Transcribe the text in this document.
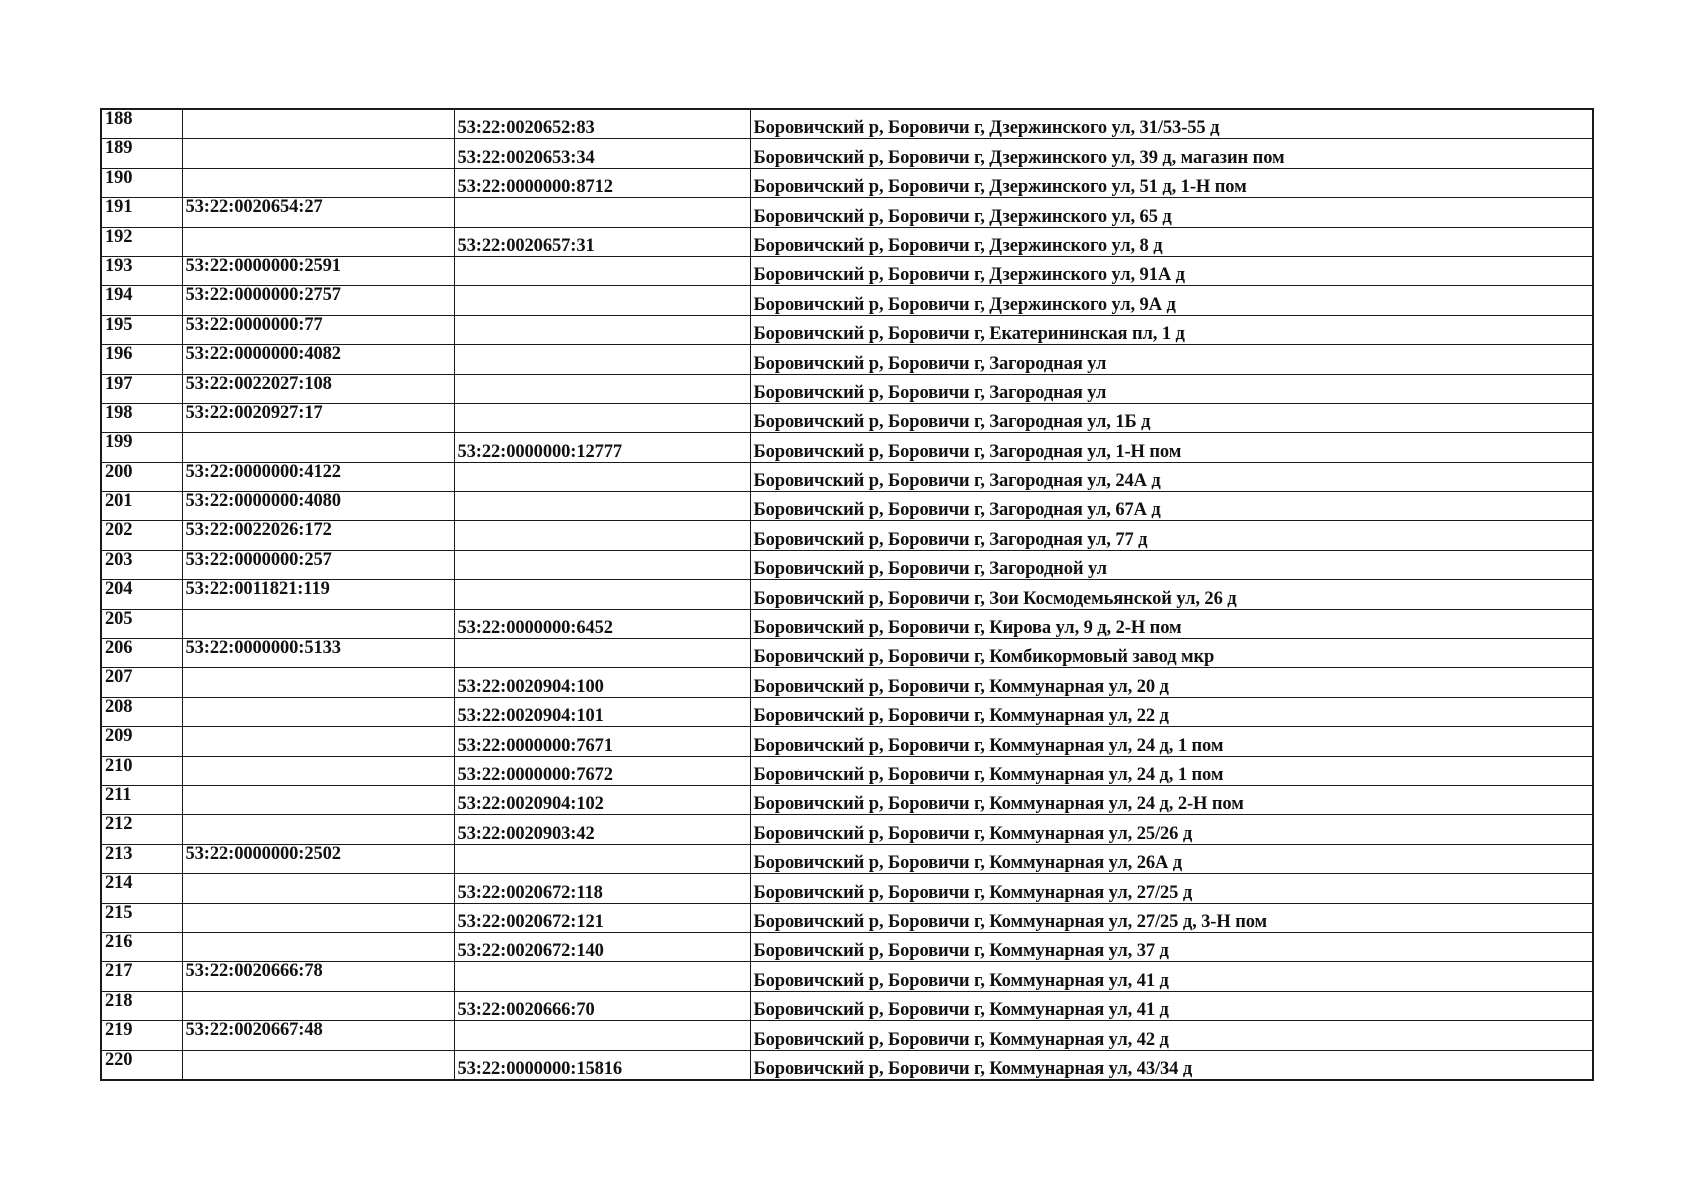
188		53:22:0020652:83	Боровичский р, Боровичи г, Дзержинского ул, 31/53-55 д
189		53:22:0020653:34	Боровичский р, Боровичи г, Дзержинского ул, 39 д, магазин пом
190		53:22:0000000:8712	Боровичский р, Боровичи г, Дзержинского ул, 51 д, 1-Н пом
191	53:22:0020654:27		Боровичский р, Боровичи г, Дзержинского ул, 65 д
192		53:22:0020657:31	Боровичский р, Боровичи г, Дзержинского ул, 8 д
193	53:22:0000000:2591		Боровичский р, Боровичи г, Дзержинского ул, 91А д
194	53:22:0000000:2757		Боровичский р, Боровичи г, Дзержинского ул, 9А д
195	53:22:0000000:77		Боровичский р, Боровичи г, Екатерининская пл, 1 д
196	53:22:0000000:4082		Боровичский р, Боровичи г, Загородная ул
197	53:22:0022027:108		Боровичский р, Боровичи г, Загородная ул
198	53:22:0020927:17		Боровичский р, Боровичи г, Загородная ул, 1Б д
199		53:22:0000000:12777	Боровичский р, Боровичи г, Загородная ул, 1-Н пом
200	53:22:0000000:4122		Боровичский р, Боровичи г, Загородная ул, 24А д
201	53:22:0000000:4080		Боровичский р, Боровичи г, Загородная ул, 67А д
202	53:22:0022026:172		Боровичский р, Боровичи г, Загородная ул, 77 д
203	53:22:0000000:257		Боровичский р, Боровичи г, Загородной ул
204	53:22:0011821:119		Боровичский р, Боровичи г, Зои Космодемьянской ул, 26 д
205		53:22:0000000:6452	Боровичский р, Боровичи г, Кирова ул, 9 д, 2-Н пом
206	53:22:0000000:5133		Боровичский р, Боровичи г, Комбикормовый завод мкр
207		53:22:0020904:100	Боровичский р, Боровичи г, Коммунарная ул, 20 д
208		53:22:0020904:101	Боровичский р, Боровичи г, Коммунарная ул, 22 д
209		53:22:0000000:7671	Боровичский р, Боровичи г, Коммунарная ул, 24 д, 1 пом
210		53:22:0000000:7672	Боровичский р, Боровичи г, Коммунарная ул, 24 д, 1 пом
211		53:22:0020904:102	Боровичский р, Боровичи г, Коммунарная ул, 24 д, 2-Н пом
212		53:22:0020903:42	Боровичский р, Боровичи г, Коммунарная ул, 25/26 д
213	53:22:0000000:2502		Боровичский р, Боровичи г, Коммунарная ул, 26А д
214		53:22:0020672:118	Боровичский р, Боровичи г, Коммунарная ул, 27/25 д
215		53:22:0020672:121	Боровичский р, Боровичи г, Коммунарная ул, 27/25 д, 3-Н пом
216		53:22:0020672:140	Боровичский р, Боровичи г, Коммунарная ул, 37 д
217	53:22:0020666:78		Боровичский р, Боровичи г, Коммунарная ул, 41 д
218		53:22:0020666:70	Боровичский р, Боровичи г, Коммунарная ул, 41 д
219	53:22:0020667:48		Боровичский р, Боровичи г, Коммунарная ул, 42 д
220		53:22:0000000:15816	Боровичский р, Боровичи г, Коммунарная ул, 43/34 д
